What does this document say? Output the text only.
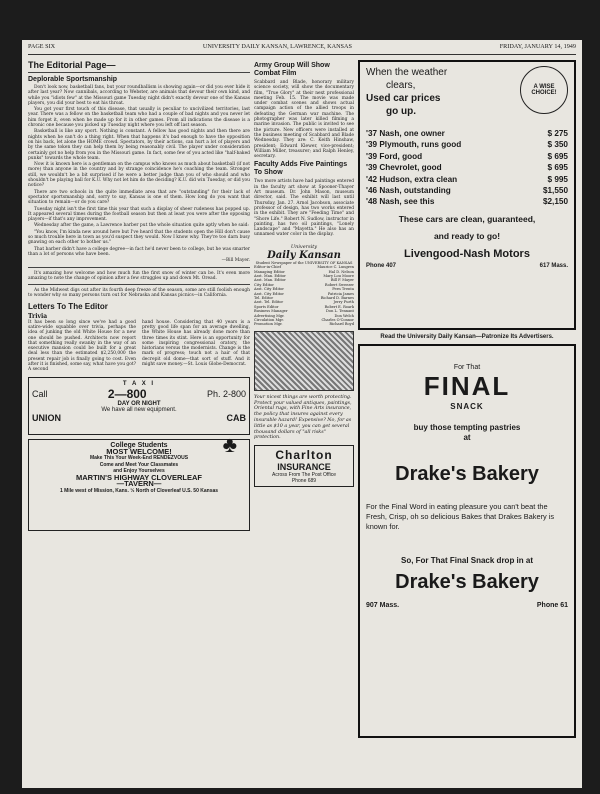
PAGE SIX	UNIVERSITY DAILY KANSAN, LAWRENCE, KANSAS	FRIDAY, JANUARY 14, 1949
The Editorial Page—
Deplorable Sportsmanship

Don't look now, basketball fans, but your roundballism is showing again—or did you ever hide it after last year? Now cannibals, according to Webster, are animals that devour their own kind, and while you "idiots few" at the Missouri game Tuesday night didn't exactly devour one of the Kansas players, you did your best to eat his throat.

You got your first touch of this disease, that usually is peculiar to uncivilized territories, last year. There was a fellow on the basketball team who had a couple of bad nights and you never let him forget it, even when he made up for it in other games. From all indications the disease is a chronic one because you picked up Tuesday night where you left off last season.

Basketball is like any sport. Nothing is constant. A fellow has good nights and then there are nights when he can't do a thing right. When that happens it's bad enough to have the opposition on his back, let alone the HOME crowd. Spectators, by their actions, can hurt a lot of players and by the same token they can help them by being reasonably civil. The player under consideration certainly got no help from you in the Missouri game. In fact, some few of you acted like "half-baked punks" towards the whole team.

Now it is known here is a gentleman on the campus who knows as much about basketball (if not more) than anyone in the country and by strange coincidence he's coaching the team. Stronger still, we wouldn't be a bit surprised if he were a better judge than you of who should and who shouldn't be playing ball for K.U. Why not let him do the deciding? K.U. did win Tuesday, or did you notice?

There are two schools in the quite immediate area that are "outstanding" for their lack of spectator sportsmanship and, sorry to say, Kansas is one of them. How long do you want that situation to remain—or do you care?

Tuesday night isn't the first time this year that such a display of sheer rudeness has popped up. It appeared several times during the football season but then at least you were after the opposing players—if that's any improvement.

Wednesday after the game, a Lawrence barber put the whole situation quite aptly when he said:

"You know, I'm kinda new around here but I've heard that the students open the Hill don't cause so much trouble here in town as you'd suspect they would. Now I know why. They're too darn busy gnawing on each other to bother us."

That barber didn't have a college degree—in fact he'd never been to college, but he was smarter than a lot of persons who have been.

—Bill Mayer.

It's amazing how welcome and how much fun the first snow of winter can be. It's even more amazing to note the change of opinion after a few struggles up and down Mt. Oread.

As the Midwest digs out after its fourth deep freeze of the season, some are still foolish enough to wonder why so many persons turn out for Nebraska and Kansas picnics—in California.

Letters To The Editor
Trivia
It has been so long since we've had a good satire-wide squabble over trivia, perhaps the idea of junking the old White House for a new one should be pushed. Architects now report that something really swanky in the way of an executive mansion could be built for a great deal less than the estimated $2,250,000 the present repair job is finally going to cost. Even after it is finished, some say, what have you got? A second
hand house. Considering that 40 years is a pretty good life span for an average dwelling, the White House has already done more than three times its stint. Here is an opportunity for some inspiring congressional oratory, the historians versus the modernists. Change is the mark of progress; touch not a hair of that decrepit old dome—that sort of stuff. And it might save money.—St. Louis Globe-Democrat.
T A X I
Call	2—800	Ph. 2-800
DAY OR NIGHT
We have all new equipment.
UNION	CAB
College Students
MOST WELCOME!	♣
Make This Your Week-End RENDEZVOUS
Come and Meet Your Classmates
and Enjoy Yourselves
MARTIN'S HIGHWAY CLOVERLEAF
—TAVERN—
1 Mile west of Mission, Kans. ½ North of Cloverleaf U.S. 50 Kansas
Army Group Will Show Combat Film
Scabbard and Blade, honorary military science society, will show the documentary film, "True Glory" at their next professional meeting Feb. 15. The movie was made under combat scenes and shows actual campaign action of the allied troops in defeating the German war machine. The photographer was later killed filming a marine invasion. The public is invited to see the picture. New officers were installed at the business meeting of Scabbard and Blade Wednesday. They are: C. Keith Hinshaw, president; Edward Klewer, vice-president; William Miller, treasurer; and Ralph Henley, secretary.
Faculty Adds Five Paintings To Show
Two more artists have had paintings entered in the faculty art show at Spooner-Thayer Art museum. Dr. John Mason, museum director, said. The exhibit will last until Thursday, Jan. 27. Arnol Jacobson, associate professor of design, has two works entered in the exhibit. They are "Feeding Time" and "Shore Life." Robert N. Sudlow, instructor in painting, has two oil paintings, "Lonely Landscape" and "Mayetta." He also has an unnamed water color in the display.
University
Daily Kansan
Student Newspaper of the UNIVERSITY OF KANSAS
Editor-in-Chief	Maurice C. Lungren
Managing Editor	Hal D. Nelson
Asst. Man. Editor	Mary Lou Moore
Asst. Man. Editor	Bill F. Mayer
City Editor	Robert Sweezer
Asst. City Editor	Fern Trenta
Asst. City Editor	Patricia James
Tel. Editor	Richard D. Barnes
Asst. Tel. Editor	Jerry Furth
Sports Editor	Robert E. Roark
Business Manager	Don L. Tennant
Advertising Mgr.	Don Welch
Circulation Mgr.	Charles O'Connor
Promotion Mgr.	Richard Boyd
Your nicest things are worth protecting. Protect your valued antiques, paintings, Oriental rugs, with Fine Arts insurance, the policy that insures against every insurable hazard! Expensive? No, for as little as $10 a year, you can get several thousand dollars of "all risks" protection.
Charlton
INSURANCE
Across From The Post Office
Phone 689
A WISE CHOICE!
When the weather
clears,
Used car prices
go up.
'37 Nash, one owner	$ 275
'39 Plymouth, runs good	$ 350
'39 Ford, good	$ 695
'39 Chevrolet, good	$ 695
'42 Hudson, extra clean	$ 995
'46 Nash, outstanding	$1,550
'48 Nash, see this	$2,150
These cars are clean, guaranteed,
and ready to go!
Livengood-Nash Motors
Phone 407	617 Mass.
Read the University Daily Kansan—Patronize Its Advertisers.
For That
FINAL
SNACK
buy those tempting pastries
at
Drake's Bakery
For the Final Word in eating pleasure you can't beat the Fresh, Crisp, oh so delicious Bakes that Drakes Bakery is known for.
So, For That Final Snack drop in at
Drake's Bakery
907 Mass.	Phone 61
